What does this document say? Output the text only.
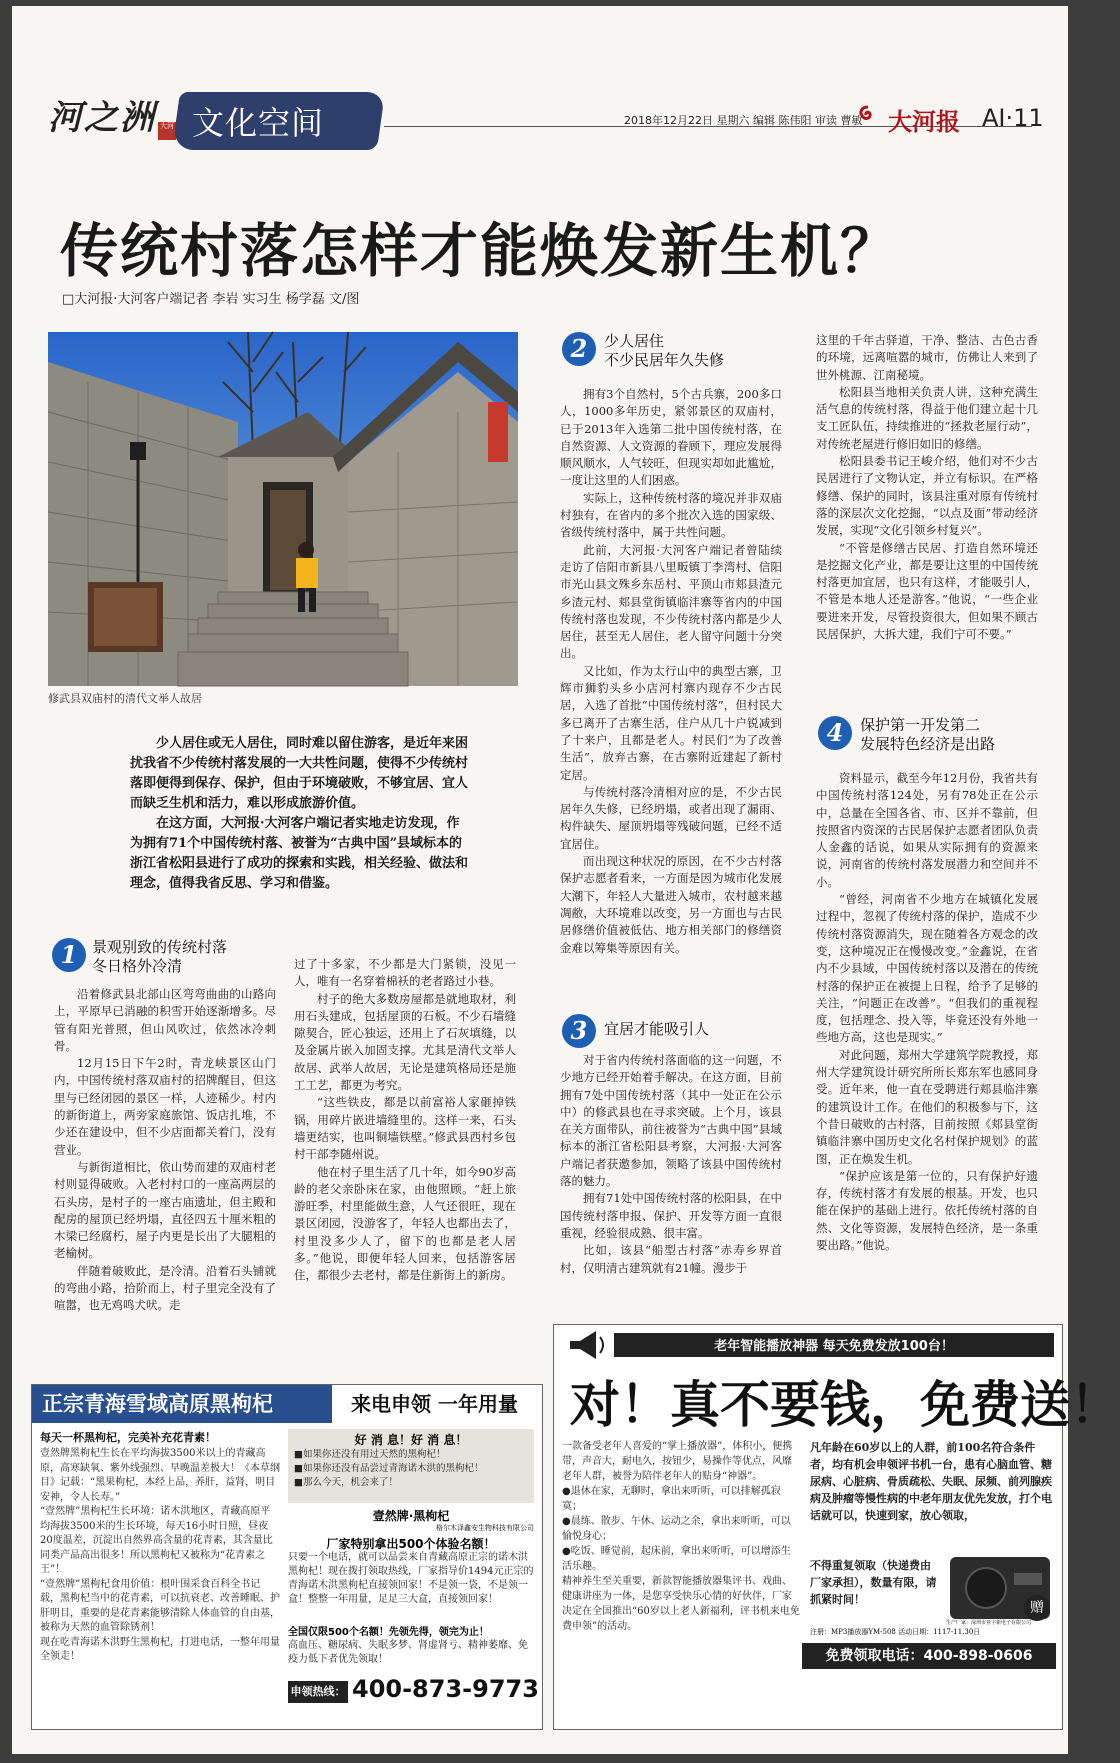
河之洲 大河 文化空间	2018年12月22日 星期六 编辑 陈伟阳 审读 曹敏 大河报 AⅠ·11
传统村落怎样才能焕发新生机？
□大河报·大河客户端记者 李岩 实习生 杨学磊 文/图
修武县双庙村的清代文举人故居

少人居住或无人居住，同时难以留住游客，是近年来困扰我省不少传统村落发展的一大共性问题，使得不少传统村落即便得到保存、保护，但由于环境破败，不够宜居、宜人而缺乏生机和活力，难以形成旅游价值。

在这方面，大河报·大河客户端记者实地走访发现，作为拥有71个中国传统村落、被誉为“古典中国”县域标本的浙江省松阳县进行了成功的探索和实践，相关经验、做法和理念，值得我省反思、学习和借鉴。

1 景观别致的传统村落
冬日格外冷清

沿着修武县北部山区弯弯曲曲的山路向上，平原早已消融的积雪开始逐渐增多。尽管有阳光普照，但山风吹过，依然冰冷刺骨。

12月15日下午2时，青龙峡景区山门内，中国传统村落双庙村的招牌醒目，但这里与已经闭园的景区一样，人迹稀少。村内的新街道上，两旁家庭旅馆、饭店扎堆，不少还在建设中，但不少店面都关着门，没有营业。

与新街道相比，依山势而建的双庙村老村则显得破败。入老村村口的一座高两层的石头房，是村子的一座古庙遗址，但主殿和配房的屋顶已经坍塌，直径四五十厘米粗的木梁已经腐朽，屋子内更是长出了大腿粗的老榆树。

伴随着破败此，是冷清。沿着石头铺就的弯曲小路，拾阶而上，村子里完全没有了喧嚣，也无鸡鸣犬吠。走

过了十多家，不少都是大门紧锁，没见一人，唯有一名穿着棉袄的老者路过小巷。

村子的绝大多数房屋都是就地取材，利用石头建成，包括屋顶的石板。不少石墙缝隙契合，匠心独运，还用上了石灰填缝，以及金属片嵌入加固支撑。尤其是清代文举人故居、武举人故居，无论是建筑格局还是施工工艺，都更为考究。

“这些铁皮，都是以前富裕人家砸掉铁锅，用碎片嵌进墙缝里的。这样一来，石头墙更结实，也叫铜墙铁壁。”修武县西村乡包村干部李随州说。

他在村子里生活了几十年，如今90岁高龄的老父亲卧床在家，由他照顾。“赶上旅游旺季，村里能做生意，人气还很旺，现在景区闭园，没游客了，年轻人也都出去了，村里没多少人了，留下的也都是老人居多。”他说，即便年轻人回来，包括游客居住，都很少去老村，都是住新街上的新房。

2	少人居住
不少民居年久失修

拥有3个自然村，5个古兵寨，200多口人，1000多年历史，紧邻景区的双庙村，已于2013年入选第二批中国传统村落，在自然资源、人文资源的眷顾下，理应发展得顺风顺水，人气较旺，但现实却如此尴尬，一度让这里的人们困惑。

实际上，这种传统村落的境况并非双庙村独有，在省内的多个批次入选的国家级、省级传统村落中，属于共性问题。

此前，大河报·大河客户端记者曾陆续走访了信阳市新县八里畈镇丁李湾村、信阳市光山县文殊乡东岳村、平顶山市郏县渣元乡渣元村、郏县堂街镇临沣寨等省内的中国传统村落也发现，不少传统村落内都是少人居住，甚至无人居住，老人留守问题十分突出。

又比如，作为太行山中的典型古寨，卫辉市狮豹头乡小店河村寨内现存不少古民居，入选了首批“中国传统村落”，但村民大多已离开了古寨生活，住户从几十户锐减到了十来户，且都是老人。村民们“为了改善生活”，放弃古寨，在古寨附近建起了新村定居。

与传统村落冷清相对应的是，不少古民居年久失修，已经坍塌，或者出现了漏雨、构件缺失、屋顶坍塌等残破问题，已经不适宜居住。

而出现这种状况的原因，在不少古村落保护志愿者看来，一方面是因为城市化发展大潮下，年轻人大量进入城市，农村越来越凋敝，大环境难以改变，另一方面也与古民居修缮价值被低估、地方相关部门的修缮资金难以筹集等原因有关。

3	宜居才能吸引人

对于省内传统村落面临的这一问题，不少地方已经开始着手解决。在这方面，目前拥有7处中国传统村落（其中一处正在公示中）的修武县也在寻求突破。上个月，该县在关方面带队，前往被誉为“古典中国”县域标本的浙江省松阳县考察，大河报·大河客户端记者获邀参加，领略了该县中国传统村落的魅力。

拥有71处中国传统村落的松阳县，在中国传统村落申报、保护、开发等方面一直很重视，经验很成熟、很丰富。

比如，该县“船型古村落”赤寿乡界首村，仅明清古建筑就有21幢。漫步于

这里的千年古驿道，干净、整洁、古色古香的环境，远离喧嚣的城市，仿佛让人来到了世外桃源、江南秘境。

松阳县当地相关负责人讲，这种充满生活气息的传统村落，得益于他们建立起十几支工匠队伍，持续推进的“拯救老屋行动”，对传统老屋进行修旧如旧的修缮。

松阳县委书记王峻介绍，他们对不少古民居进行了文物认定，并立有标识。在严格修缮、保护的同时，该县注重对原有传统村落的深层次文化挖掘，“以点及面”带动经济发展，实现“文化引领乡村复兴”。

“不管是修缮古民居、打造自然环境还是挖掘文化产业，都是要让这里的中国传统村落更加宜居，也只有这样，才能吸引人，不管是本地人还是游客。”他说，“一些企业要进来开发，尽管投资很大，但如果不顾古民居保护，大拆大建，我们宁可不要。”

4	保护第一开发第二
发展特色经济是出路

资料显示，截至今年12月份，我省共有中国传统村落124处，另有78处正在公示中，总量在全国各省、市、区并不靠前，但按照省内资深的古民居保护志愿者团队负责人金鑫的话说，如果从实际拥有的资源来说，河南省的传统村落发展潜力和空间并不小。

“曾经，河南省不少地方在城镇化发展过程中，忽视了传统村落的保护，造成不少传统村落资源消失，现在随着各方观念的改变，这种境况正在慢慢改变。”金鑫说，在省内不少县域，中国传统村落以及潜在的传统村落的保护正在被提上日程，给予了足够的关注，“问题正在改善”。“但我们的重视程度，包括理念、投入等，毕竟还没有外地一些地方高，这也是现实。”

对此问题，郑州大学建筑学院教授，郑州大学建筑设计研究所所长郑东军也感同身受。近年来，他一直在受聘进行郏县临沣寨的建筑设计工作。在他们的积极参与下，这个昔日破败的古村落，目前按照《郏县堂街镇临沣寨中国历史文化名村保护规划》的蓝图，正在焕发生机。

“保护应该是第一位的，只有保护好遗存，传统村落才有发展的根基。开发，也只能在保护的基础上进行。依托传统村落的自然、文化等资源，发展特色经济，是一条重要出路。”他说。

正宗青海雪域高原黑枸杞	来电申领 一年用量
每天一杯黑枸杞，完美补充花青素！

壹然牌黑枸杞生长在平均海拔3500米以上的青藏高原，高寒缺氧、紫外线强烈、早晚温差极大！《本草纲目》记载：“黑果枸杞，本经上品，养肝，益肾，明目安神，令人长寿。”

“壹然牌”黑枸杞生长环境：诺木洪地区，青藏高原平均海拔3500米的生长环境，每天16小时日照，昼夜20度温差，沉淀出自然界高含量的花青素，其含量比同类产品高出很多！所以黑枸杞又被称为“花青素之王”！

“壹然牌”黑枸杞食用价值：根叶围采食百科全书记载，黑枸杞当中的花青素，可以抗衰老、改善睡眠、护肝明目，重要的是花青素能够清除人体血管的自由基，被称为天然的血管除锈剂！

现在吃青海诺木洪野生黑枸杞，打进电话，一整年用量全领走！

好 消 息！好 消 息！

■如果你还没有用过天然的黑枸杞！

■如果你还没有品尝过青海诺木洪的黑枸杞！

■那么今天，机会来了！

壹然牌·黑枸杞
格尔木泽鑫安生物科技有限公司
厂家特别拿出500个体验名额！
只要一个电话，就可以品尝来自青藏高原正宗的诺木洪黑枸杞！现在拨打领取热线，厂家指导价1494元正宗的青海诺木洪黑枸杞直接领回家！不是领一袋，不是领一盒！整整一年用量，足足三大盒，直接领回家！
全国仅限500个名额！先领先得，领完为止！
高血压、糖尿病、失眠多梦、肾虚肾亏、精神萎靡、免疫力低下者优先领取！
申领热线： 400-873-9773
老年智能播放神器 每天免费发放100台！
对！真不要钱，免费送！

一款备受老年人喜爱的“掌上播放器”，体积小，便携带，声音大，耐电久，按钮少，易操作等优点，风靡老年人群，被誉为陪伴老年人的贴身“神器”。

●退休在家，无聊时，拿出来听听，可以排解孤寂寞；

●晨练、散步、午休、运动之余，拿出来听听，可以愉悦身心；

●吃饭、睡觉前，起床前，拿出来听听，可以增添生活乐趣。

精神养生至关重要，新款智能播放器集评书、戏曲、健康讲座为一体，是您享受快乐心情的好伙伴，厂家决定在全国推出“60岁以上老人新福利，评书机来电免费申领”的活动。

凡年龄在60岁以上的人群，前100名符合条件者，均有机会申领评书机一台，患有心脑血管、糖尿病、心脏病、骨质疏松、失眠、尿频、前列腺疾病及肿瘤等慢性病的中老年朋友优先发放，打个电话就可以，快速到家，放心领取，
不得重复领取（快递费由厂家承担），数量有限，请抓紧时间！
赠
注册：MP3播放器YM-508 活动日期：1117-11.30日
生产厂家：深圳市亚宇新电子有限公司
免费领取电话：400-898-0606
